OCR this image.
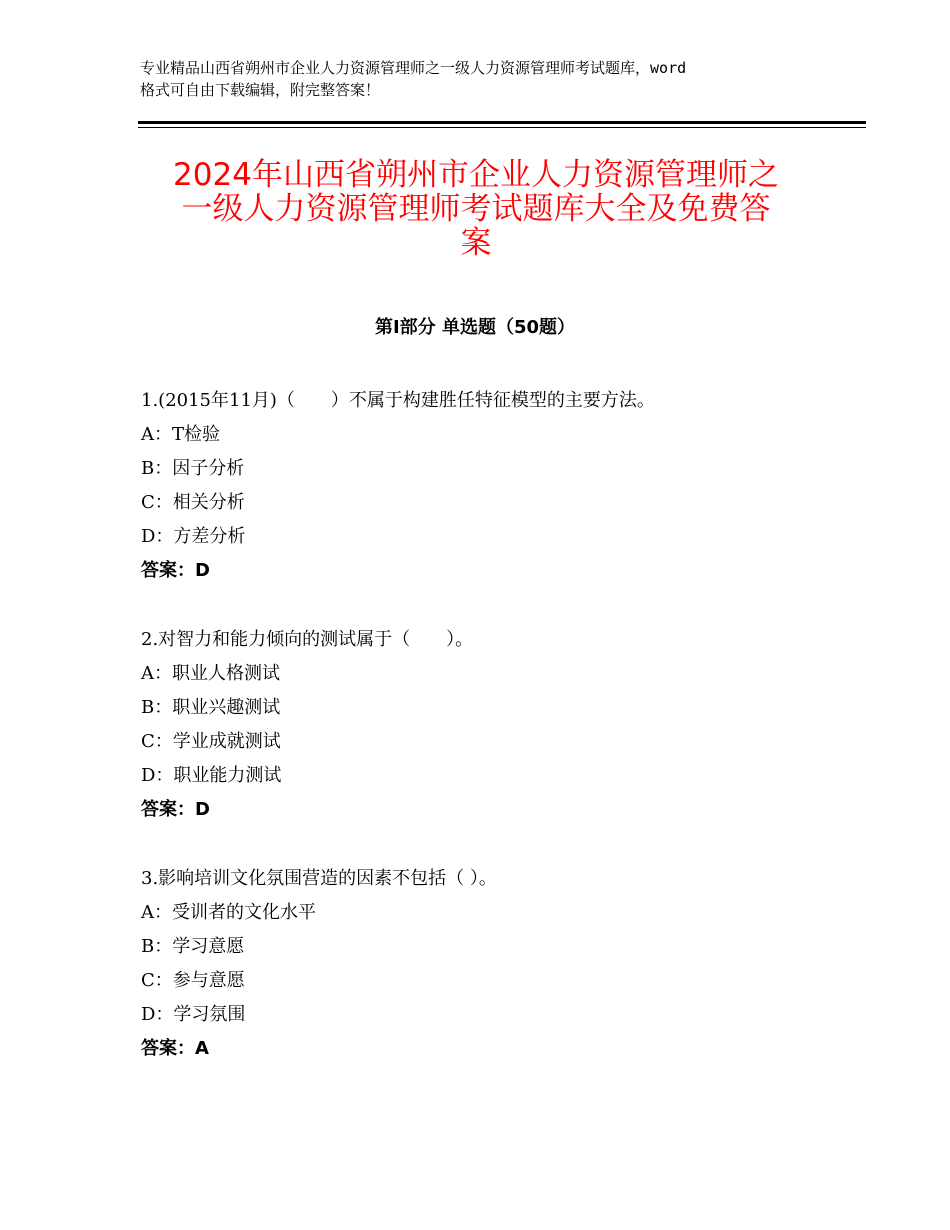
专业精品山西省朔州市企业人力资源管理师之一级人力资源管理师考试题库，word
格式可自由下载编辑，附完整答案！
2024年山西省朔州市企业人力资源管理师之
一级人力资源管理师考试题库大全及免费答
案
第Ⅰ部分 单选题（50题）
1.(2015年11月)（　　）不属于构建胜任特征模型的主要方法。
A：T检验
B：因子分析
C：相关分析
D：方差分析
答案：D
2.对智力和能力倾向的测试属于（　　）。
A：职业人格测试
B：职业兴趣测试
C：学业成就测试
D：职业能力测试
答案：D
3.影响培训文化氛围营造的因素不包括（ ）。
A：受训者的文化水平
B：学习意愿
C：参与意愿
D：学习氛围
答案：A
